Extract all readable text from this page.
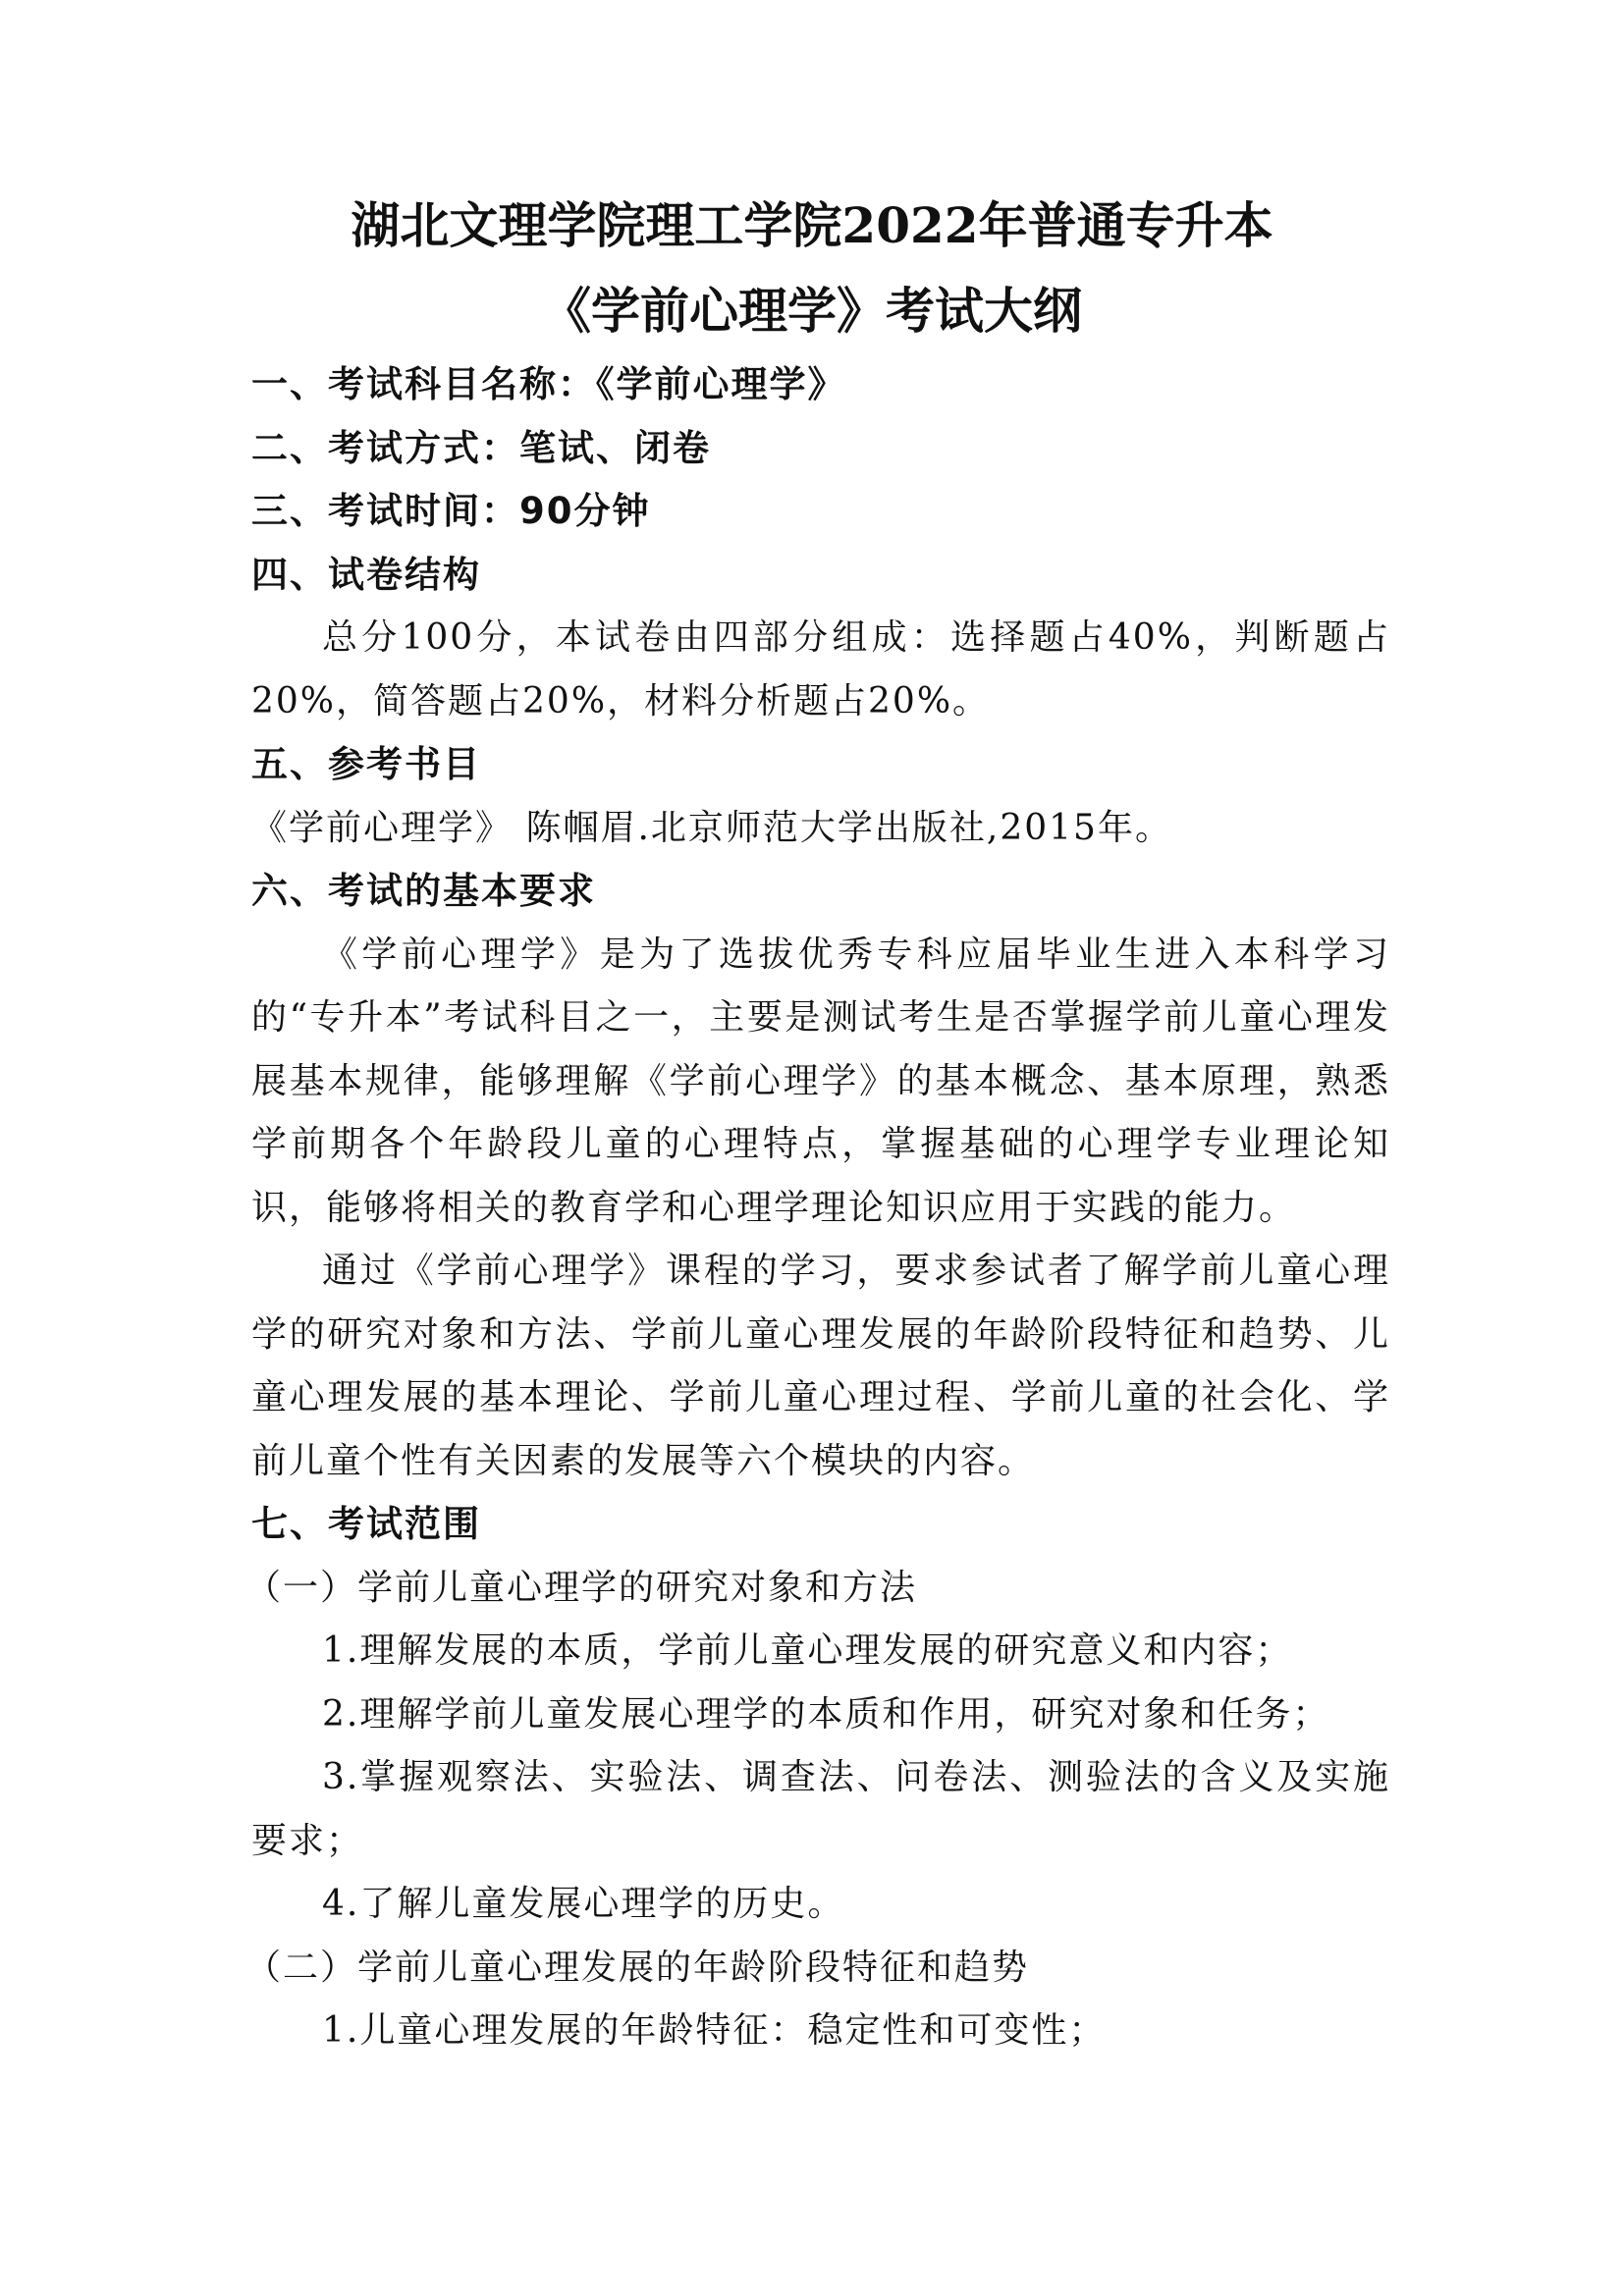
湖北文理学院理工学院2022年普通专升本
《学前心理学》考试大纲
一、考试科目名称：《学前心理学》
二、考试方式：笔试、闭卷
三、考试时间：90分钟
四、试卷结构

总分100分，本试卷由四部分组成：选择题占40%，判断题占20%，简答题占20%，材料分析题占20%。

五、参考书目

《学前心理学》 陈帼眉.北京师范大学出版社,2015年。

六、考试的基本要求

《学前心理学》是为了选拔优秀专科应届毕业生进入本科学习的“专升本”考试科目之一，主要是测试考生是否掌握学前儿童心理发展基本规律，能够理解《学前心理学》的基本概念、基本原理，熟悉学前期各个年龄段儿童的心理特点，掌握基础的心理学专业理论知识，能够将相关的教育学和心理学理论知识应用于实践的能力。

通过《学前心理学》课程的学习，要求参试者了解学前儿童心理学的研究对象和方法、学前儿童心理发展的年龄阶段特征和趋势、儿童心理发展的基本理论、学前儿童心理过程、学前儿童的社会化、学前儿童个性有关因素的发展等六个模块的内容。

七、考试范围

（一）学前儿童心理学的研究对象和方法

1.理解发展的本质，学前儿童心理发展的研究意义和内容；

2.理解学前儿童发展心理学的本质和作用，研究对象和任务；

3.掌握观察法、实验法、调查法、问卷法、测验法的含义及实施要求；

4.了解儿童发展心理学的历史。

（二）学前儿童心理发展的年龄阶段特征和趋势

1.儿童心理发展的年龄特征：稳定性和可变性；
